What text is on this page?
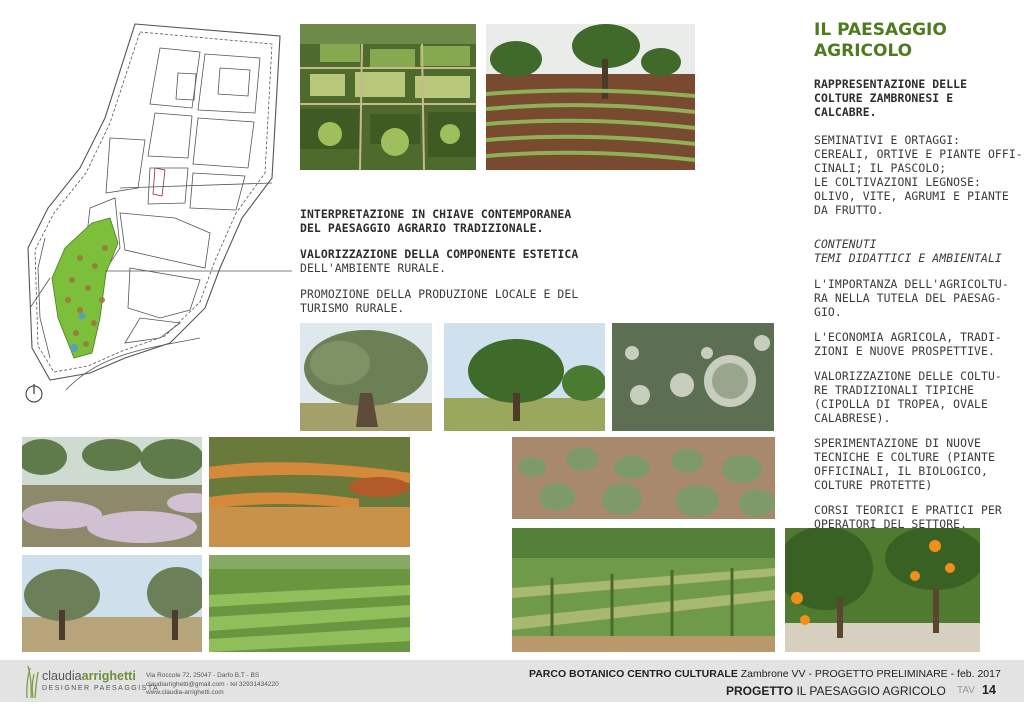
INTERPRETAZIONE IN CHIAVE CONTEMPORANEA
DEL PAESAGGIO AGRARIO TRADIZIONALE.
VALORIZZAZIONE DELLA COMPONENTE ESTETICA
DELL'AMBIENTE RURALE.
PROMOZIONE DELLA PRODUZIONE LOCALE E DEL
TURISMO RURALE.
IL PAESAGGIO
AGRICOLO
RAPPRESENTAZIONE DELLE
COLTURE ZAMBRONESI E
CALCABRE.
SEMINATIVI E ORTAGGI:
CEREALI, ORTIVE E PIANTE OFFI-
CINALI; IL PASCOLO;
LE COLTIVAZIONI LEGNOSE:
OLIVO, VITE, AGRUMI E PIANTE
DA FRUTTO.
CONTENUTI
TEMI DIDATTICI E AMBIENTALI
L'IMPORTANZA DELL'AGRICOLTU-
RA NELLA TUTELA DEL PAESAG-
GIO.
L'ECONOMIA AGRICOLA, TRADI-
ZIONI E NUOVE PROSPETTIVE.
VALORIZZAZIONE DELLE COLTU-
RE TRADIZIONALI TIPICHE
(CIPOLLA DI TROPEA, OVALE
CALABRESE).
SPERIMENTAZIONE DI NUOVE
TECNICHE E COLTURE (PIANTE
OFFICINALI, IL BIOLOGICO,
COLTURE PROTETTE)
CORSI TEORICI E PRATICI PER
OPERATORI DEL SETTORE.
claudiaarrighetti
DESIGNER PAESAGGISTA
Via Roccole 72, 25047 - Darfo B.T - BS
claudiarrighetti@gmail.com - tel 32931434220
www.claudia-arrighetti.com
PARCO BOTANICO CENTRO CULTURALE Zambrone VV - PROGETTO PRELIMINARE - feb. 2017
PROGETTO IL PAESAGGIO AGRICOLO TAV 14
